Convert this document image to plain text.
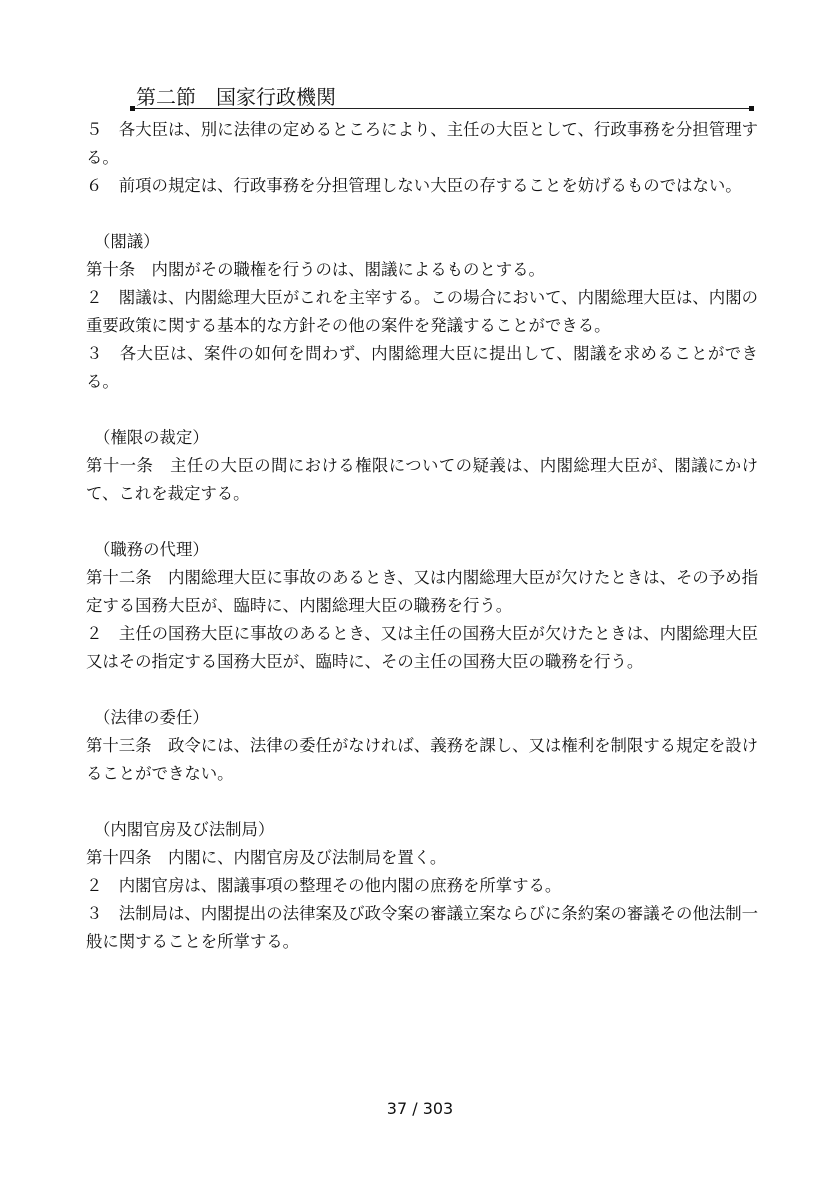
第二節　国家行政機関

５　各大臣は、別に法律の定めるところにより、主任の大臣として、行政事務を分担管理する。

６　前項の規定は、行政事務を分担管理しない大臣の存することを妨げるものではない。

（閣議）

第十条　内閣がその職権を行うのは、閣議によるものとする。

２　閣議は、内閣総理大臣がこれを主宰する。この場合において、内閣総理大臣は、内閣の重要政策に関する基本的な方針その他の案件を発議することができる。

３　各大臣は、案件の如何を問わず、内閣総理大臣に提出して、閣議を求めることができる。

（権限の裁定）

第十一条　主任の大臣の間における権限についての疑義は、内閣総理大臣が、閣議にかけて、これを裁定する。

（職務の代理）

第十二条　内閣総理大臣に事故のあるとき、又は内閣総理大臣が欠けたときは、その予め指定する国務大臣が、臨時に、内閣総理大臣の職務を行う。

２　主任の国務大臣に事故のあるとき、又は主任の国務大臣が欠けたときは、内閣総理大臣又はその指定する国務大臣が、臨時に、その主任の国務大臣の職務を行う。

（法律の委任）

第十三条　政令には、法律の委任がなければ、義務を課し、又は権利を制限する規定を設けることができない。

（内閣官房及び法制局）

第十四条　内閣に、内閣官房及び法制局を置く。

２　内閣官房は、閣議事項の整理その他内閣の庶務を所掌する。

３　法制局は、内閣提出の法律案及び政令案の審議立案ならびに条約案の審議その他法制一般に関することを所掌する。

37 / 303
